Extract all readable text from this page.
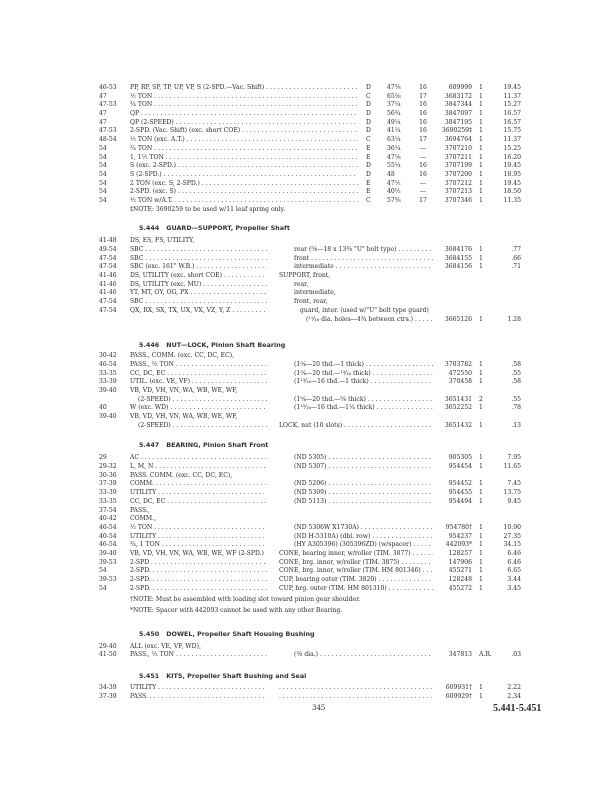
46-53 PP, RP, SP, TP, UP, VP, S (2-SPD.—Vac. Shift) . . .	D	47⅜	16	609999 1	19.45
47	½ TON . . .	C	65⅛	17	3683172 1	11.37
47-53 ¾ TON . . .	D	37¼	16	3847344 1	15.27
47	QP . . .	D	56¾	16	3847097 1	16.57
47	QP (2-SPEED) . . .	D	49¼	16	3847195 1	16.57
47-53 2-SPD. (Vac. Shift) (exc. short COE) . . .	D	41¼	16	3690259‡ 1	15.75
48-54 ½ TON (exc. A.T.) . . .	C	63¼	17	3694764 1	11.37
54	¾ TON . . .	E	36¼	—	3707210 1	15.25
54	1, 1½ TON . . .	E	47⅛	—	3707211 1	16.20
54	S (exc. 2-SPD.) . . .	D	55¼	16	3707199 1	19.45
54	S (2-SPD.) . . .	D	48	16	3707200 1	18.95
54	2 TON (exc. S, 2-SPD.) . . .	E	47½	—	3707212 1	19.45
54	2-SPD. (exc. S) . . .	E	40½	—	3707213 1	18.50
54	½ TON w/A.T. . . .	C	57⅝	17	3707346 1	11.35
‡NOTE: 3690259 to be used w/11 leaf spring only.
5.444 GUARD—SUPPORT, Propeller Shaft
41-48 DS, ES, FS, UTILITY,
49-54 SBC . . .	rear (⅝—18 x 13⅜ "U" bolt type) . . .	3684176 1	.77
47-54 SBC . . .	front . . .	3684155 1	.66
47-54 SBC (exc. 161" W.B.) . . .	intermediate . . .	3684156 1	.71
41-46 DS, UTILITY (exc. short COE) . . .	SUPPORT, front,
41-46 DS, UTILITY (exc. MU) . . .	rear,
41-46 YT, MT, OY, OG, PX . . .	intermediate,
47-54 SBC . . .	front, rear,
47-54 QX, RX, SX, TX, UX, VX, VZ, Y, Z . . .	guard, inter. (used w/"U" bolt type guard)
(¹¹⁄₁₆ dia. holes—4¾ between ctrs.) . . .	3665126 1	1.28
5.446 NUT—LOCK, Pinion Shaft Bearing
30-42 PASS., COMM. (exc. CC, DC, EC),
46-54 PASS., ½ TON . . .	(1⁵⁄₈—20 thd.—1 thick) . . .	3703782 1	.58
33-35 CC, DC, EC . . .	(1⁵⁄₈—20 thd.—¹³⁄₁₆ thick) . . .	472550 1	.55
33-39 UTIL. (exc. VE, VF) . . .	(1¹³⁄₁₆—16 thd.—1 thick) . . .	370458 1	.58
39-40 VB, VD, VH, VN, WA, WB, WE, WF,
(2-SPEED) . . .	(1⁵⁄₈—20 thd.—⅝ thick) . . .	3651431 2	.55
40	W (exc. WD) . . .	(1¹⁵⁄₁₆—16 thd.—1¼ thick) . . .	3652252 1	.78
39-40 VB, VD, VH, VN, WA, WB, WE, WF,
(2-SPEED) . . .	LOCK, nut (10 slots) . . .	3651432 1	.13
5.447 BEARING, Pinion Shaft Front
29	AC . . .	(ND 5305) . . .	905305 1	7.95
29-32 L, M, N . . .	(ND 5307) . . .	954454 1	11.65
30-36 PASS. COMM. (exc. CC, DC, EC),
37-39 COMM. . . .	(ND 5206) . . .	954452 1	7.45
33-39 UTILITY . . .	(ND 5309) . . .	954455 1	13.75
33-35 CC, DC, EC . . .	(ND 5113) . . .	954494 1	9.45
37-54 PASS.,
40-42 COMM.,
46-54 ½ TON . . .	(ND 5306W X1730A) . . .	954780† 1	10.90
40-54 UTILITY . . .	(ND H-5310A) (dbl. row) . . .	954237 1	27.35
46-54 ¾, 1 TON . . .	(HY A305396) (305396ZD) (w/spacer) . . .	442093* 1	34.15
39-40 VB, VD, VH, VN, WA, WB, WE, WF (2-SPD.)	CONE, bearing inner, w/roller (TIM. 3877) . . .	128257 1	6.46
39-53 2-SPD . . .	CONE, brg. inner, w/roller (TIM. 3875) . . .	147906 1	6.46
54	2-SPD. . . .	CONE, brg. inner, w/roller (TIM. HM 801346) . . .	455271 1	6.65
39-53 2-SPD. . . .	CUP, bearing outer (TIM. 3820) . . .	128248 1	3.44
54	2-SPD. . . .	CUP, brg. outer (TIM. HM 801310) . . .	455272 1	3.45
†NOTE: Must be assembled with loading slot toward pinion gear shoulder.
*NOTE: Spacer with 442093 cannot be used with any other Bearing.
5.450 DOWEL, Propeller Shaft Housing Bushing
29-40 ALL (exc. VE, VF, WD),
41-50 PASS., ½ TON . . .	(⅜ dia.) . . .	347813 A.R.	.03
5.451 KITS, Propeller Shaft Bushing and Seal
34-39 UTILITY . . . . . .	609931† 1	2.22
37-39 PASS. . . . . . .	609929† 1	2.34
345	5.441-5.451
